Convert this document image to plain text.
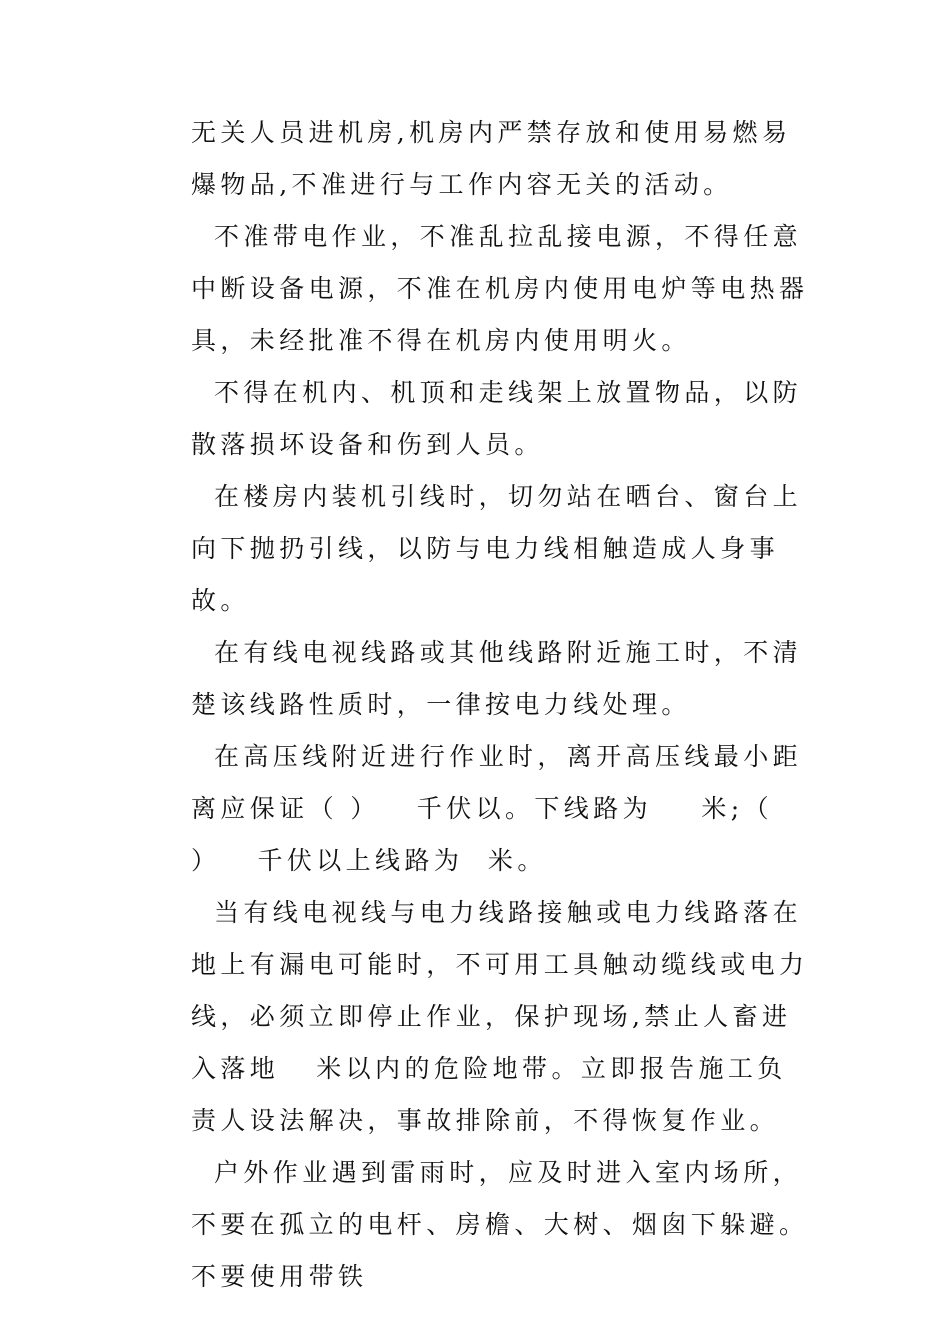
无关人员进机房,机房内严禁存放和使用易燃易爆物品,不准进行与工作内容无关的活动。

不准带电作业，不准乱拉乱接电源，不得任意中断设备电源，不准在机房内使用电炉等电热器具，未经批准不得在机房内使用明火。

不得在机内、机顶和走线架上放置物品，以防散落损坏设备和伤到人员。

在楼房内装机引线时，切勿站在晒台、窗台上向下抛扔引线，以防与电力线相触造成人身事故。

在有线电视线路或其他线路附近施工时，不清楚该线路性质时，一律按电力线处理。

在高压线附近进行作业时，离开高压线最小距离应保证（ ）   千伏以。下线路为    米;（ ）   千伏以上线路为  米。

当有线电视线与电力线路接触或电力线路落在地上有漏电可能时，不可用工具触动缆线或电力线，必须立即停止作业，保护现场,禁止人畜进入落地   米以内的危险地带。立即报告施工负责人设法解决，事故排除前，不得恢复作业。

户外作业遇到雷雨时，应及时进入室内场所，不要在孤立的电杆、房檐、大树、烟囱下躲避。不要使用带铁
